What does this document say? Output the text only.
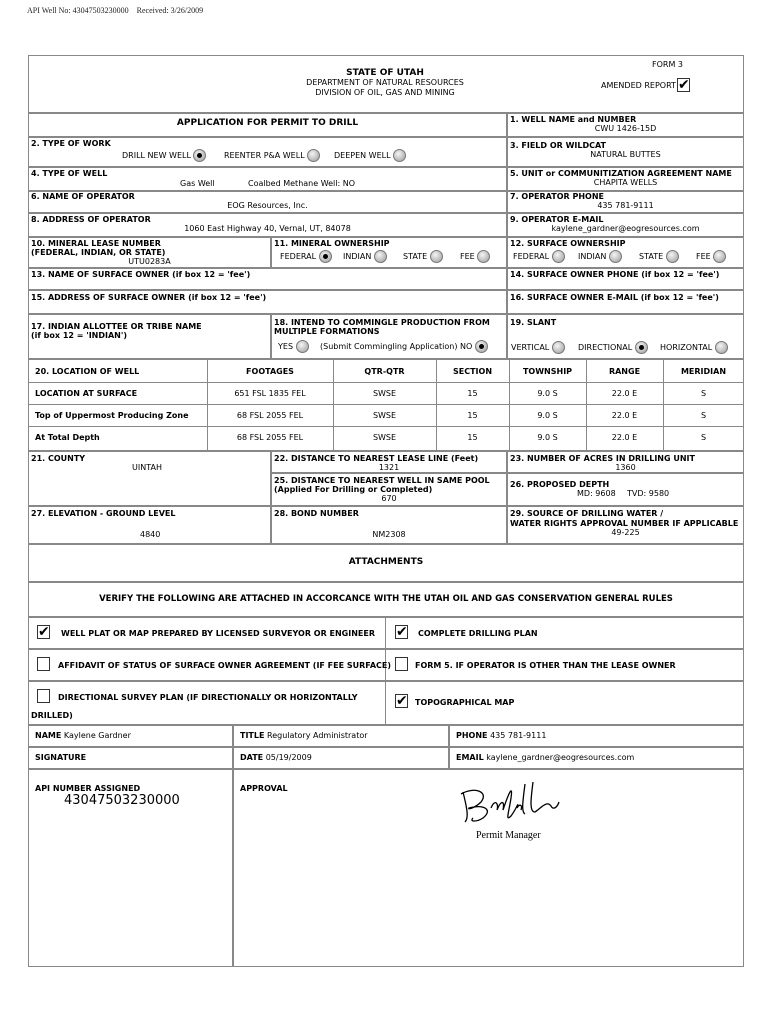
API Well No: 43047503230000 Received: 3/26/2009
FORM 3
STATE OF UTAH
DEPARTMENT OF NATURAL RESOURCES
DIVISION OF OIL, GAS AND MINING
AMENDED REPORT ✔
APPLICATION FOR PERMIT TO DRILL	1. WELL NAME and NUMBER
CWU 1426-15D
2. TYPE OF WORK
DRILL NEW WELL	REENTER P&A WELL	DEEPEN WELL
3. FIELD OR WILDCAT
NATURAL BUTTES
4. TYPE OF WELL
Gas Well	Coalbed Methane Well: NO
5. UNIT or COMMUNITIZATION AGREEMENT NAME
CHAPITA WELLS
6. NAME OF OPERATOR
EOG Resources, Inc.
7. OPERATOR PHONE
435 781-9111
8. ADDRESS OF OPERATOR
1060 East Highway 40, Vernal, UT, 84078
9. OPERATOR E-MAIL
kaylene_gardner@eogresources.com
10. MINERAL LEASE NUMBER
(FEDERAL, INDIAN, OR STATE)
UTU0283A
11. MINERAL OWNERSHIP
FEDERAL	INDIAN	STATE	FEE
12. SURFACE OWNERSHIP
FEDERAL	INDIAN	STATE	FEE
13. NAME OF SURFACE OWNER (if box 12 = 'fee')	14. SURFACE OWNER PHONE (if box 12 = 'fee')
15. ADDRESS OF SURFACE OWNER (if box 12 = 'fee')	16. SURFACE OWNER E-MAIL (if box 12 = 'fee')
17. INDIAN ALLOTTEE OR TRIBE NAME
(if box 12 = 'INDIAN')
18. INTEND TO COMMINGLE PRODUCTION FROM
MULTIPLE FORMATIONS
YES	(Submit Commingling Application) NO
19. SLANT
VERTICAL	DIRECTIONAL	HORIZONTAL
20. LOCATION OF WELL	FOOTAGES	QTR-QTR	SECTION	TOWNSHIP	RANGE	MERIDIAN
LOCATION AT SURFACE	651 FSL 1835 FEL	SWSE	15	9.0 S	22.0 E	S
Top of Uppermost Producing Zone	68 FSL 2055 FEL	SWSE	15	9.0 S	22.0 E	S
At Total Depth	68 FSL 2055 FEL	SWSE	15	9.0 S	22.0 E	S
21. COUNTY
UINTAH
22. DISTANCE TO NEAREST LEASE LINE (Feet)
1321
23. NUMBER OF ACRES IN DRILLING UNIT
1360
25. DISTANCE TO NEAREST WELL IN SAME POOL
(Applied For Drilling or Completed)
670
26. PROPOSED DEPTH
MD: 9608 TVD: 9580
27. ELEVATION - GROUND LEVEL
4840
28. BOND NUMBER
NM2308
29. SOURCE OF DRILLING WATER /
WATER RIGHTS APPROVAL NUMBER IF APPLICABLE
49-225
ATTACHMENTS
VERIFY THE FOLLOWING ARE ATTACHED IN ACCORCANCE WITH THE UTAH OIL AND GAS CONSERVATION GENERAL RULES
✔ WELL PLAT OR MAP PREPARED BY LICENSED SURVEYOR OR ENGINEER ✔ COMPLETE DRILLING PLAN
AFFIDAVIT OF STATUS OF SURFACE OWNER AGREEMENT (IF FEE SURFACE)	FORM 5. IF OPERATOR IS OTHER THAN THE LEASE OWNER
DIRECTIONAL SURVEY PLAN (IF DIRECTIONALLY OR HORIZONTALLY
DRILLED)
✔ TOPOGRAPHICAL MAP
NAME Kaylene Gardner	TITLE Regulatory Administrator	PHONE 435 781-9111
SIGNATURE	DATE 05/19/2009	EMAIL kaylene_gardner@eogresources.com
API NUMBER ASSIGNED
43047503230000
APPROVAL
Permit Manager
